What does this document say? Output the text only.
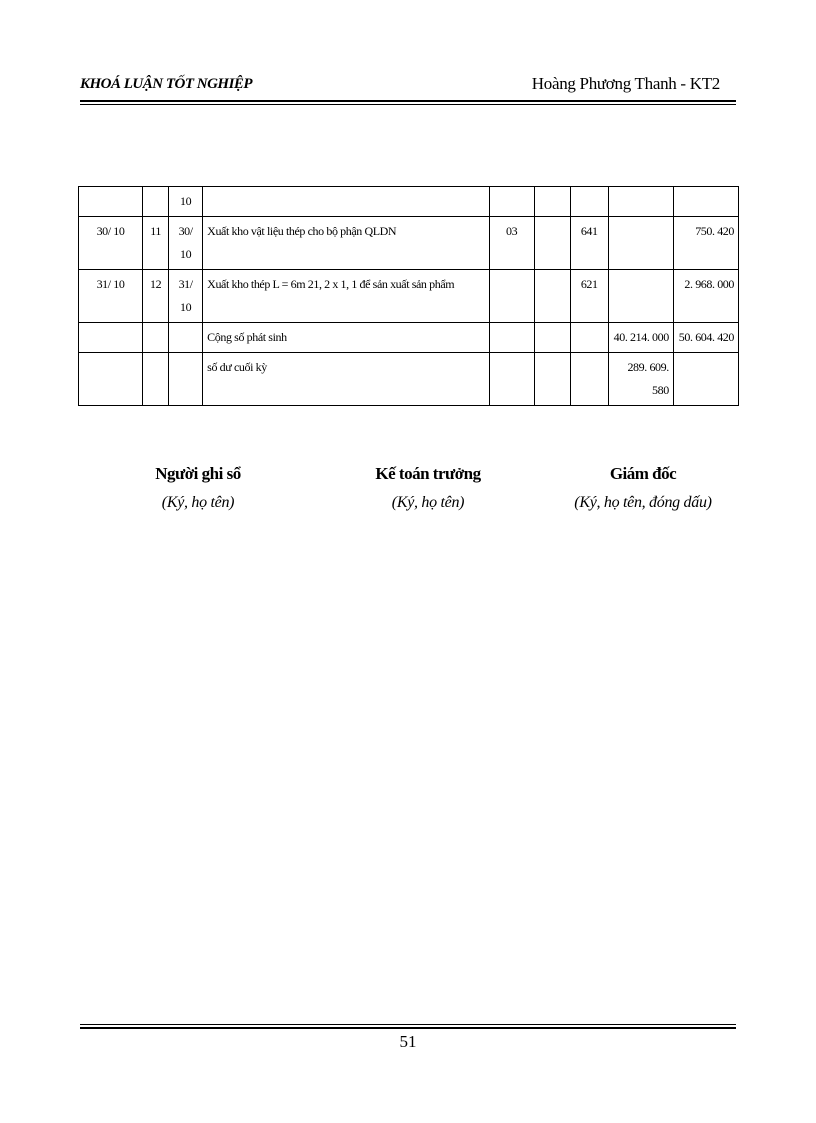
KHOÁ LUẬN TỐT NGHIỆP	Hoàng Phương Thanh - KT2
		10						
30/ 10	11	30/ 10	Xuất kho vật liệu thép cho bộ phận QLDN	03		641		750. 420
31/ 10	12	31/ 10	Xuất kho thép L = 6m 21, 2 x 1, 1 để sản xuất sản phẩm			621		2. 968. 000
			Cộng số phát sinh				40. 214. 000	50. 604. 420
			số dư cuối kỳ				289. 609. 580	
Người ghi sổ
(Ký, họ tên)
Kế toán trưởng
(Ký, họ tên)
Giám đốc
(Ký, họ tên, đóng dấu)
51
